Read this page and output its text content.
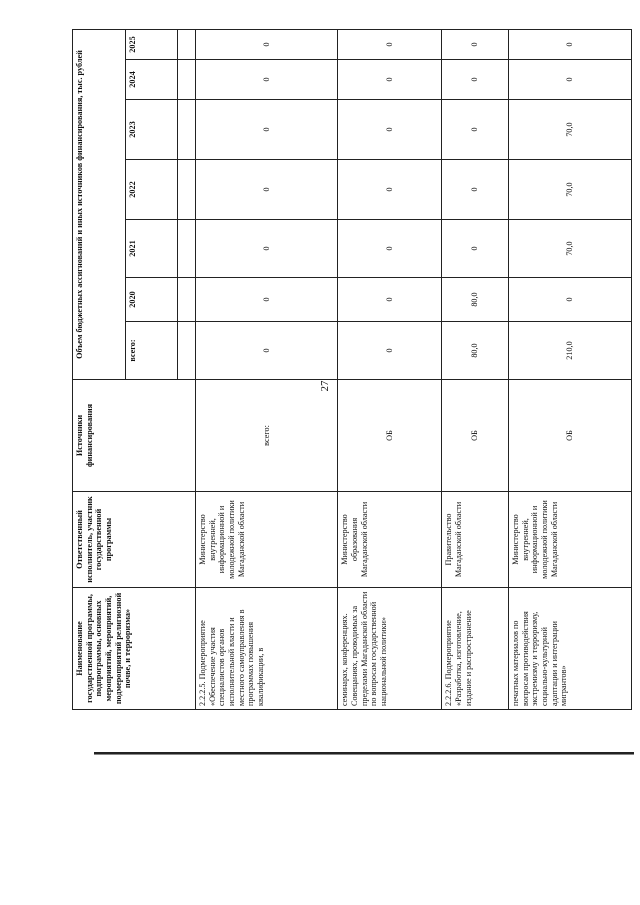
27
Наименование государственной программы, подпрограммы, основных мероприятий, мероприятий, подмероприятий религиозной почве, и терроризма»	Ответственный исполнитель, участник государственной программы	Источники финансирования	Объем бюджетных ассигнований и иных источников финансирования, тыс. рублей						
			всего:	2020	2021	2022	2023	2024	2025

2.2.2.5. Подмероприятие «Обеспечение участия специалистов органов исполнительной власти и местного самоуправления в программах повышения квалификации, в	Министерство внутренней, информационной и молодежной политики Магаданской области	всего:	0	0	0	0	0	0	0
семинарах, конференциях. Совещаниях, проводимых за пределами Магаданской области по вопросам государственной национальной политики»	Министерство образования Магаданской области	ОБ	0	0	0	0	0	0	0
2.2.2.6. Подмероприятие «Разработка, изготовление, издание и распространение	Правительство Магаданской области	ОБ	80,0	80,0	0	0	0	0	0
печатных материалов по вопросам противодействия экстремизму и терроризму, социально-культурной адаптации и интеграции мигрантов»	Министерство внутренней, информационной и молодежной политики Магаданской области	ОБ	210,0	0	70,0	70,0	70,0	0	0
